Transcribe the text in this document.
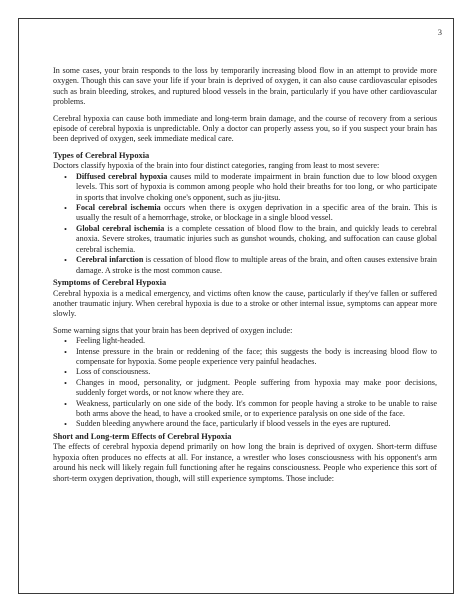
3

In some cases, your brain responds to the loss by temporarily increasing blood flow in an attempt to provide more oxygen. Though this can save your life if your brain is deprived of oxygen, it can also cause cardiovascular episodes such as brain bleeding, strokes, and ruptured blood vessels in the brain, particularly if you have other cardiovascular problems.

Cerebral hypoxia can cause both immediate and long-term brain damage, and the course of recovery from a serious episode of cerebral hypoxia is unpredictable. Only a doctor can properly assess you, so if you suspect your brain has been deprived of oxygen, seek immediate medical care.

Types of Cerebral Hypoxia

Doctors classify hypoxia of the brain into four distinct categories, ranging from least to most severe:

• Diffused cerebral hypoxia causes mild to moderate impairment in brain function due to low blood oxygen levels. This sort of hypoxia is common among people who hold their breaths for too long, or who participate in sports that involve choking one's opponent, such as jiu-jitsu.
• Focal cerebral ischemia occurs when there is oxygen deprivation in a specific area of the brain. This is usually the result of a hemorrhage, stroke, or blockage in a single blood vessel.
• Global cerebral ischemia is a complete cessation of blood flow to the brain, and quickly leads to cerebral anoxia. Severe strokes, traumatic injuries such as gunshot wounds, choking, and suffocation can cause global cerebral ischemia.
• Cerebral infarction is cessation of blood flow to multiple areas of the brain, and often causes extensive brain damage. A stroke is the most common cause.
Symptoms of Cerebral Hypoxia

Cerebral hypoxia is a medical emergency, and victims often know the cause, particularly if they've fallen or suffered another traumatic injury. When cerebral hypoxia is due to a stroke or other internal issue, symptoms can appear more slowly.

Some warning signs that your brain has been deprived of oxygen include:

• Feeling light-headed.
• Intense pressure in the brain or reddening of the face; this suggests the body is increasing blood flow to compensate for hypoxia. Some people experience very painful headaches.
• Loss of consciousness.
• Changes in mood, personality, or judgment. People suffering from hypoxia may make poor decisions, suddenly forget words, or not know where they are.
• Weakness, particularly on one side of the body. It's common for people having a stroke to be unable to raise both arms above the head, to have a crooked smile, or to experience paralysis on one side of the face.
• Sudden bleeding anywhere around the face, particularly if blood vessels in the eyes are ruptured.
Short and Long-term Effects of Cerebral Hypoxia

The effects of cerebral hypoxia depend primarily on how long the brain is deprived of oxygen. Short-term diffuse hypoxia often produces no effects at all. For instance, a wrestler who loses consciousness with his opponent's arm around his neck will likely regain full functioning after he regains consciousness. People who experience this sort of short-term oxygen deprivation, though, will still experience symptoms. Those include:
